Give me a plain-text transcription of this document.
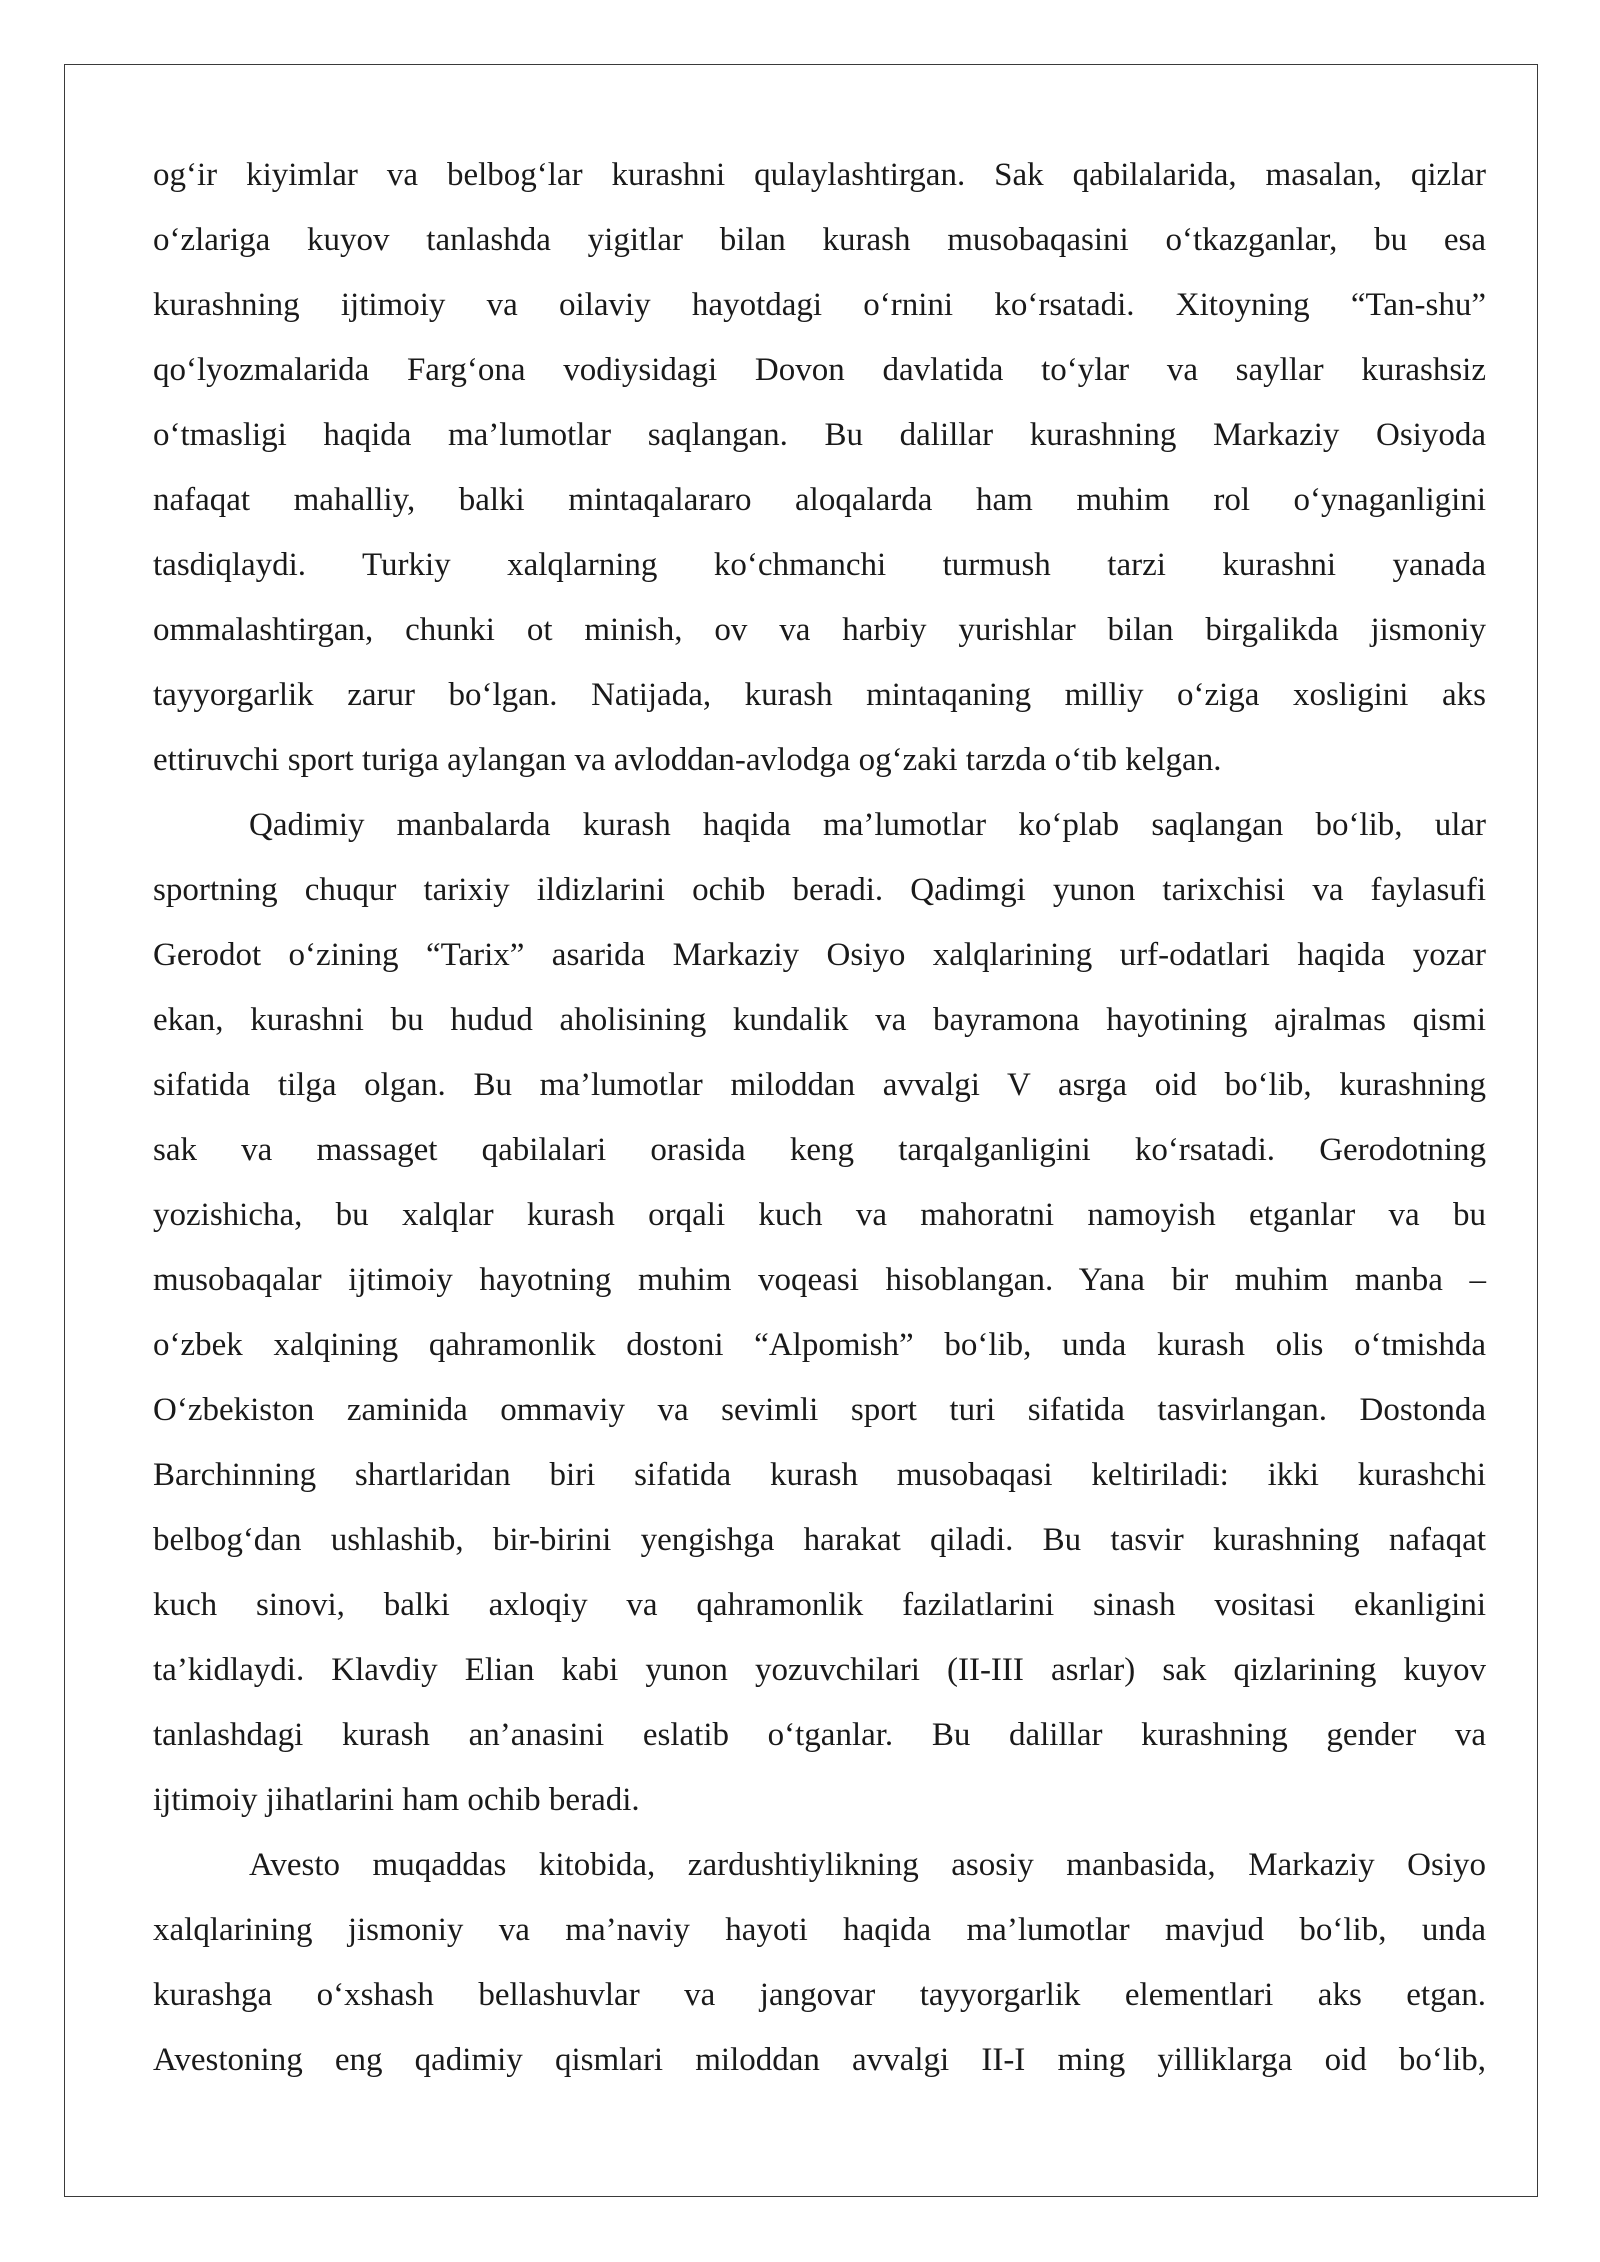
og‘ir kiyimlar va belbog‘lar kurashni qulaylashtirgan. Sak qabilalarida, masalan, qizlar

o‘zlariga kuyov tanlashda yigitlar bilan kurash musobaqasini o‘tkazganlar, bu esa

kurashning ijtimoiy va oilaviy hayotdagi o‘rnini ko‘rsatadi. Xitoyning “Tan-shu”

qo‘lyozmalarida Farg‘ona vodiysidagi Dovon davlatida to‘ylar va sayllar kurashsiz

o‘tmasligi haqida ma’lumotlar saqlangan. Bu dalillar kurashning Markaziy Osiyoda

nafaqat mahalliy, balki mintaqalararo aloqalarda ham muhim rol o‘ynaganligini

tasdiqlaydi. Turkiy xalqlarning ko‘chmanchi turmush tarzi kurashni yanada

ommalashtirgan, chunki ot minish, ov va harbiy yurishlar bilan birgalikda jismoniy

tayyorgarlik zarur bo‘lgan. Natijada, kurash mintaqaning milliy o‘ziga xosligini aks

ettiruvchi sport turiga aylangan va avloddan-avlodga og‘zaki tarzda o‘tib kelgan.

Qadimiy manbalarda kurash haqida ma’lumotlar ko‘plab saqlangan bo‘lib, ular

sportning chuqur tarixiy ildizlarini ochib beradi. Qadimgi yunon tarixchisi va faylasufi

Gerodot o‘zining “Tarix” asarida Markaziy Osiyo xalqlarining urf-odatlari haqida yozar

ekan, kurashni bu hudud aholisining kundalik va bayramona hayotining ajralmas qismi

sifatida tilga olgan. Bu ma’lumotlar miloddan avvalgi V asrga oid bo‘lib, kurashning

sak va massaget qabilalari orasida keng tarqalganligini ko‘rsatadi. Gerodotning

yozishicha, bu xalqlar kurash orqali kuch va mahoratni namoyish etganlar va bu

musobaqalar ijtimoiy hayotning muhim voqeasi hisoblangan. Yana bir muhim manba –

o‘zbek xalqining qahramonlik dostoni “Alpomish” bo‘lib, unda kurash olis o‘tmishda

O‘zbekiston zaminida ommaviy va sevimli sport turi sifatida tasvirlangan. Dostonda

Barchinning shartlaridan biri sifatida kurash musobaqasi keltiriladi: ikki kurashchi

belbog‘dan ushlashib, bir-birini yengishga harakat qiladi. Bu tasvir kurashning nafaqat

kuch sinovi, balki axloqiy va qahramonlik fazilatlarini sinash vositasi ekanligini

ta’kidlaydi. Klavdiy Elian kabi yunon yozuvchilari (II-III asrlar) sak qizlarining kuyov

tanlashdagi kurash an’anasini eslatib o‘tganlar. Bu dalillar kurashning gender va

ijtimoiy jihatlarini ham ochib beradi.

Avesto muqaddas kitobida, zardushtiylikning asosiy manbasida, Markaziy Osiyo

xalqlarining jismoniy va ma’naviy hayoti haqida ma’lumotlar mavjud bo‘lib, unda

kurashga o‘xshash bellashuvlar va jangovar tayyorgarlik elementlari aks etgan.

Avestoning eng qadimiy qismlari miloddan avvalgi II-I ming yilliklarga oid bo‘lib,
